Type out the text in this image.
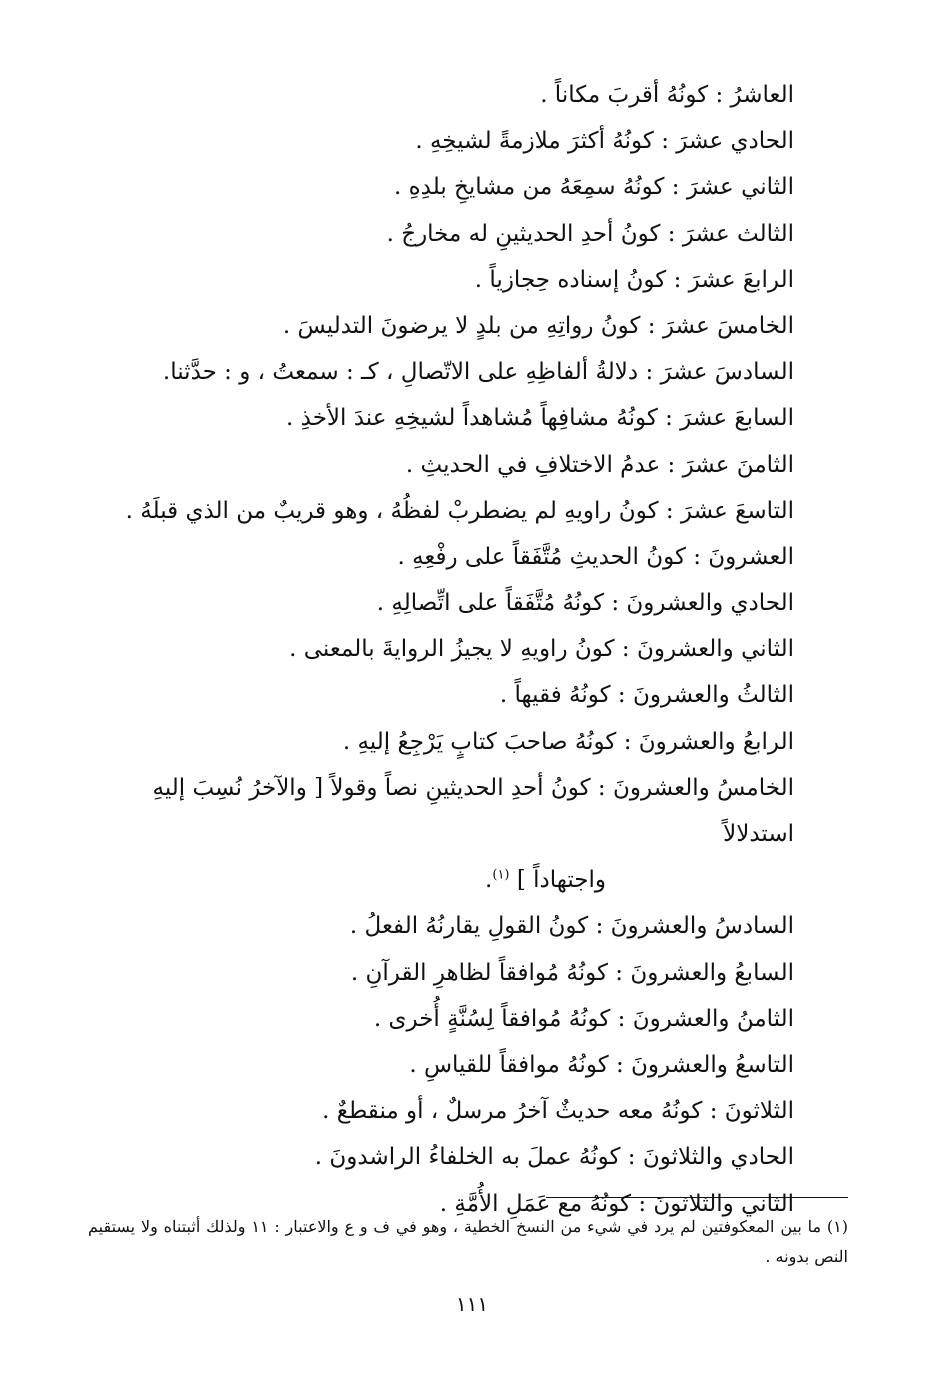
العاشرُ : كونُهُ أقربَ مكاناً .
الحادي عشرَ : كونُهُ أكثرَ ملازمةً لشيخِهِ .
الثاني عشرَ : كونُهُ سمِعَهُ من مشايخِ بلدِهِ .
الثالث عشرَ : كونُ أحدِ الحديثينِ له مخارجُ .
الرابعَ عشرَ : كونُ إسناده حِجازياً .
الخامسَ عشرَ : كونُ رواتِهِ من بلدٍ لا يرضونَ التدليسَ .
السادسَ عشرَ : دلالةُ ألفاظِهِ على الاتّصالِ ، كـ : سمعتُ ، و : حدَّثنا.
السابعَ عشرَ : كونُهُ مشافِهاً مُشاهداً لشيخِهِ عندَ الأخذِ .
الثامنَ عشرَ : عدمُ الاختلافِ في الحديثِ .
التاسعَ عشرَ : كونُ راويهِ لم يضطربْ لفظُهُ ، وهو قريبٌ من الذي قبلَهُ .
العشرونَ : كونُ الحديثِ مُتَّفَقاً على رفْعِهِ .
الحادي والعشرونَ : كونُهُ مُتَّفَقاً على اتِّصالِهِ .
الثاني والعشرونَ : كونُ راويهِ لا يجيزُ الروايةَ بالمعنى .
الثالثُ والعشرونَ : كونُهُ فقيهاً .
الرابعُ والعشرونَ : كونُهُ صاحبَ كتابٍ يَرْجِعُ إليهِ .
الخامسُ والعشرونَ : كونُ أحدِ الحديثينِ نصاً وقولاً [ والآخرُ نُسِبَ إليهِ استدلالاً
واجتهاداً ] $^{(١)}$.
السادسُ والعشرونَ : كونُ القولِ يقارنُهُ الفعلُ .
السابعُ والعشرونَ : كونُهُ مُوافقاً لظاهرِ القرآنِ .
الثامنُ والعشرونَ : كونُهُ مُوافقاً لِسُنَّةٍ أُخرى .
التاسعُ والعشرونَ : كونُهُ موافقاً للقياسِ .
الثلاثونَ : كونُهُ معه حديثٌ آخرُ مرسلٌ ، أو منقطعٌ .
الحادي والثلاثونَ : كونُهُ عملَ به الخلفاءُ الراشدونَ .
الثاني والثلاثونَ : كونُهُ مع عَمَلِ الأُمَّةِ .
(١) ما بين المعكوفتين لم يرد في شيء من النسخ الخطية ، وهو في ف و ع والاعتبار : ١١ ولذلك أثبتناه ولا يستقيم النص بدونه .
١١١
